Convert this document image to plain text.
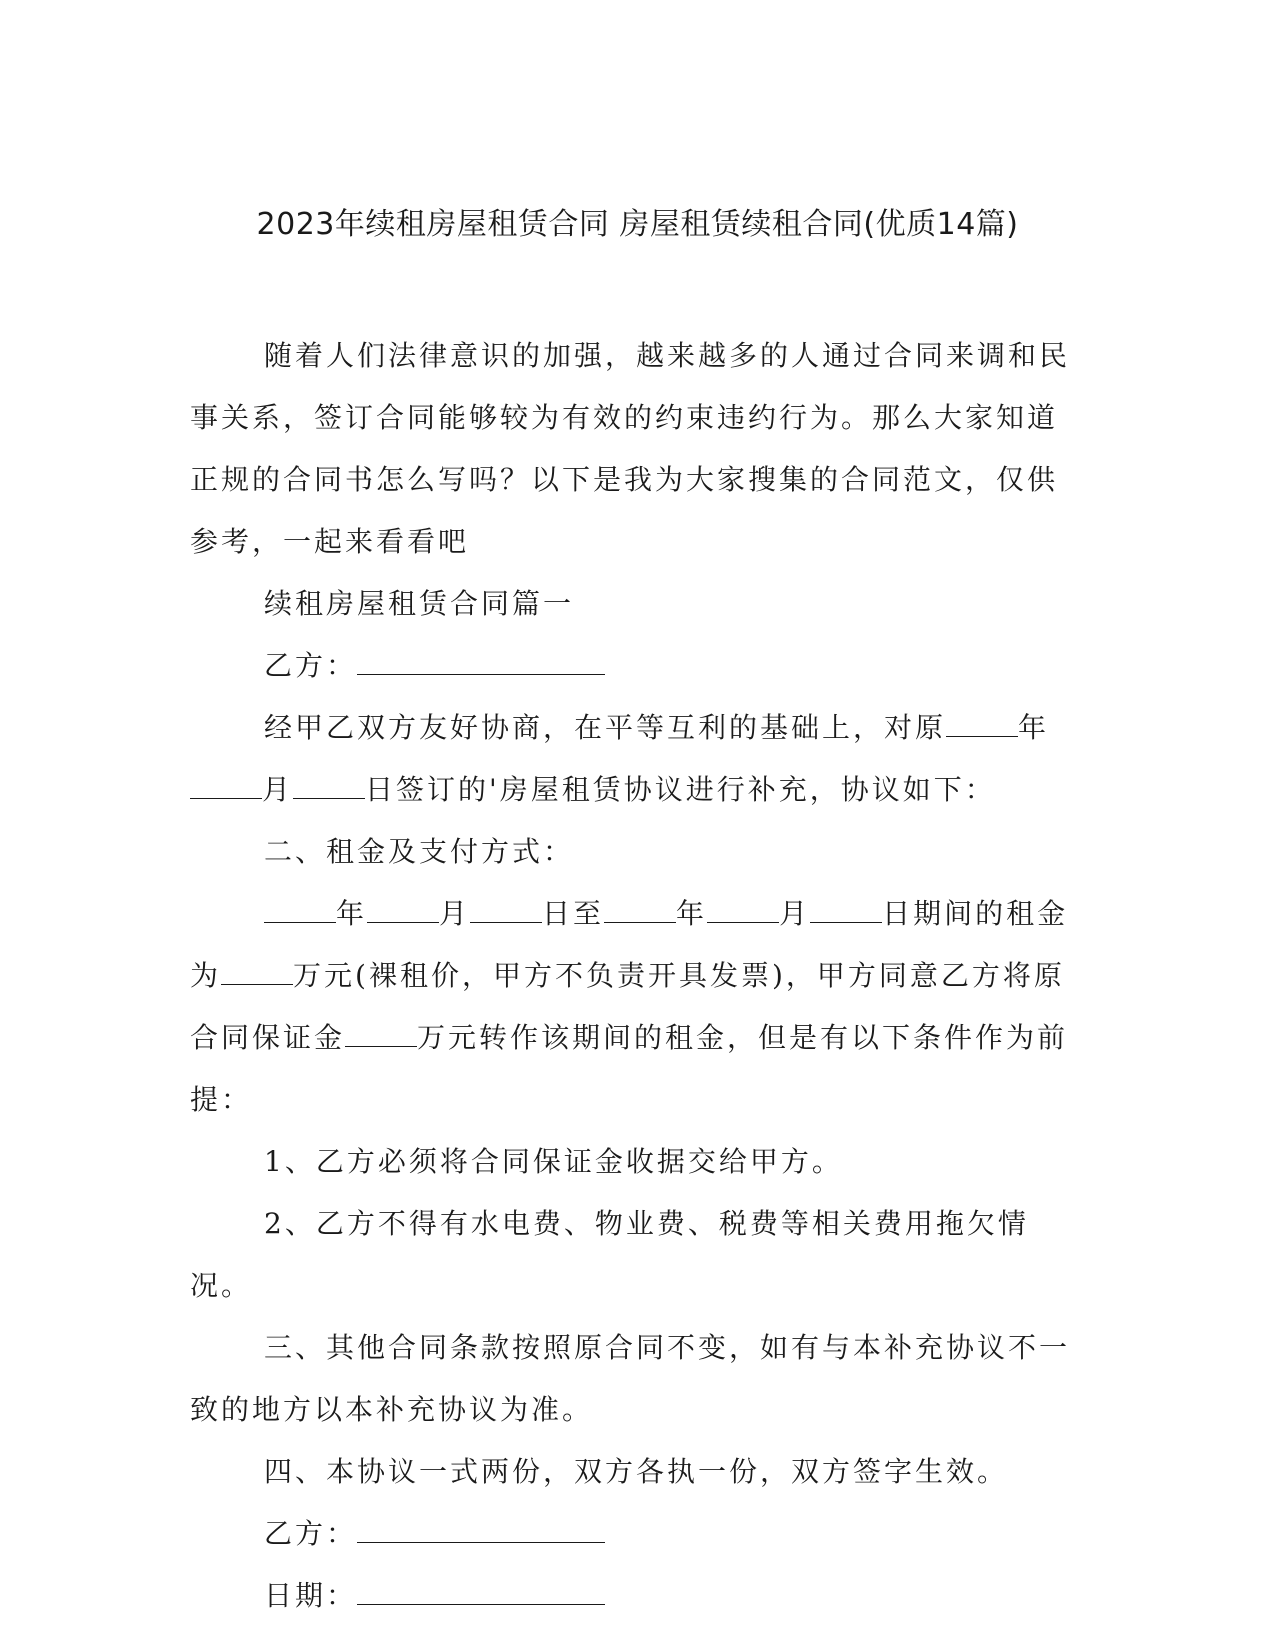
2023年续租房屋租赁合同 房屋租赁续租合同(优质14篇)

随着人们法律意识的加强，越来越多的人通过合同来调和民事关系，签订合同能够较为有效的约束违约行为。那么大家知道正规的合同书怎么写吗？以下是我为大家搜集的合同范文，仅供参考，一起来看看吧

续租房屋租赁合同篇一

乙方：

经甲乙双方友好协商，在平等互利的基础上，对原	年月	日签订的'房屋租赁协议进行补充，协议如下：

二、租金及支付方式：

年	月	日至	年	月	日期间的租金为	万元(裸租价，甲方不负责开具发票)，甲方同意乙方将原合同保证金	万元转作该期间的租金，但是有以下条件作为前提：

1、乙方必须将合同保证金收据交给甲方。

2、乙方不得有水电费、物业费、税费等相关费用拖欠情况。

三、其他合同条款按照原合同不变，如有与本补充协议不一致的地方以本补充协议为准。

四、本协议一式两份，双方各执一份，双方签字生效。

乙方：

日期：
